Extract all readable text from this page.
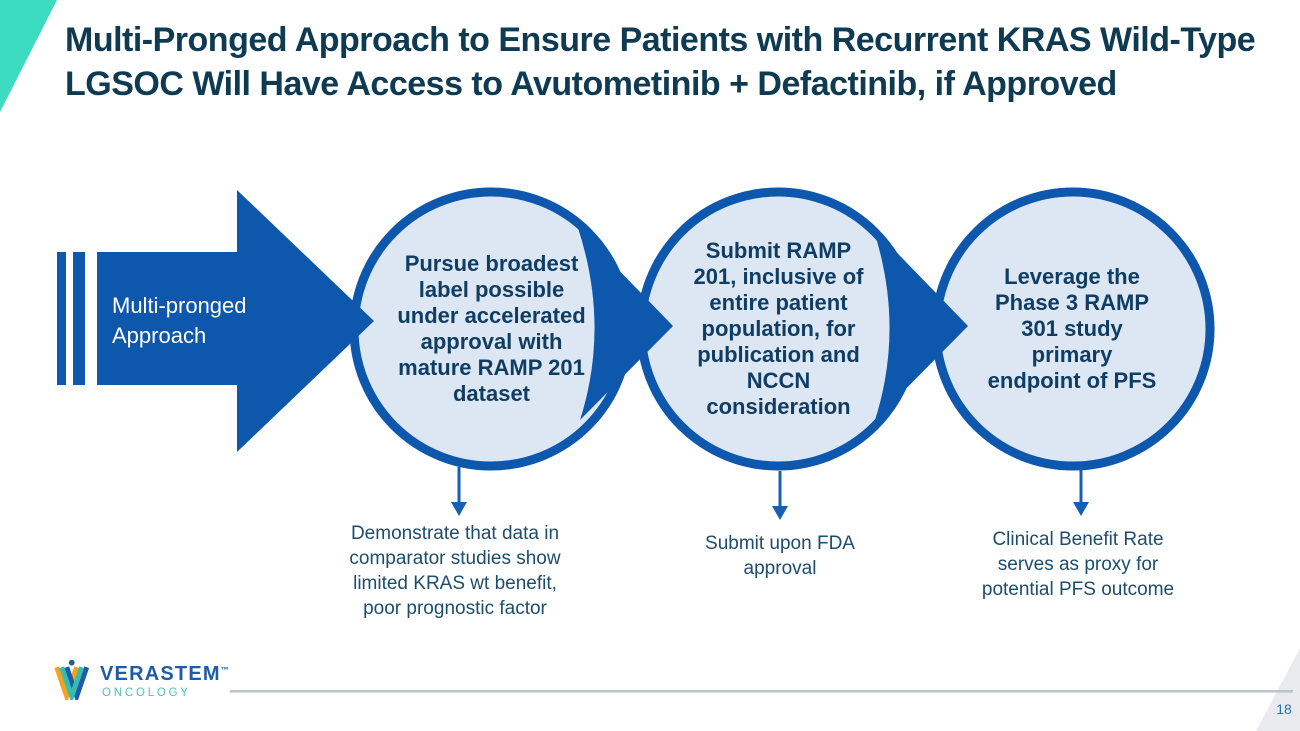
Multi-Pronged Approach to Ensure Patients with Recurrent KRAS Wild-Type LGSOC Will Have Access to Avutometinib + Defactinib, if Approved
Multi-pronged Approach
Pursue broadest label possible under accelerated approval with mature RAMP 201 dataset
Submit RAMP 201, inclusive of entire patient population, for publication and NCCN consideration
Leverage the Phase 3 RAMP 301 study primary endpoint of PFS
Demonstrate that data in comparator studies show limited KRAS wt benefit, poor prognostic factor
Submit upon FDA approval
Clinical Benefit Rate serves as proxy for potential PFS outcome
VERASTEM™
ONCOLOGY
18
